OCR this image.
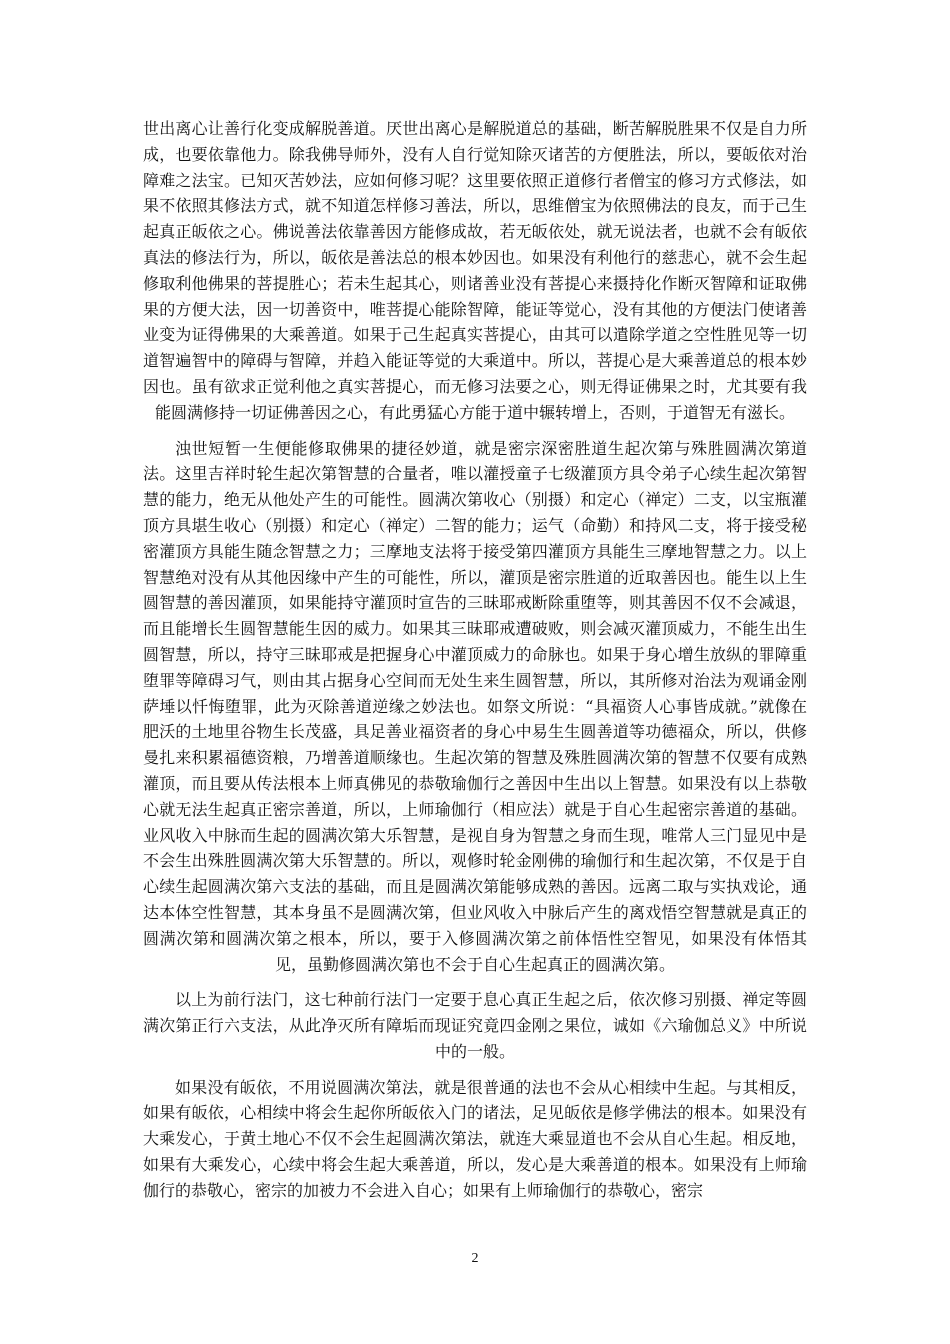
世出离心让善行化变成解脱善道。厌世出离心是解脱道总的基础，断苦解脱胜果不仅是自力所成，也要依靠他力。除我佛导师外，没有人自行觉知除灭诸苦的方便胜法，所以，要皈依对治障难之法宝。已知灭苦妙法，应如何修习呢？这里要依照正道修行者僧宝的修习方式修法，如果不依照其修法方式，就不知道怎样修习善法，所以，思维僧宝为依照佛法的良友，而于己生起真正皈依之心。佛说善法依靠善因方能修成故，若无皈依处，就无说法者，也就不会有皈依真法的修法行为，所以，皈依是善法总的根本妙因也。如果没有利他行的慈悲心，就不会生起修取利他佛果的菩提胜心；若未生起其心，则诸善业没有菩提心来摄持化作断灭智障和证取佛果的方便大法，因一切善资中，唯菩提心能除智障，能证等觉心，没有其他的方便法门使诸善业变为证得佛果的大乘善道。如果于己生起真实菩提心，由其可以遣除学道之空性胜见等一切道智遍智中的障碍与智障，并趋入能证等觉的大乘道中。所以，菩提心是大乘善道总的根本妙因也。虽有欲求正觉利他之真实菩提心，而无修习法要之心，则无得证佛果之时，尤其要有我能圆满修持一切证佛善因之心，有此勇猛心方能于道中辗转增上，否则，于道智无有滋长。

浊世短暂一生便能修取佛果的捷径妙道，就是密宗深密胜道生起次第与殊胜圆满次第道法。这里吉祥时轮生起次第智慧的合量者，唯以灌授童子七级灌顶方具令弟子心续生起次第智慧的能力，绝无从他处产生的可能性。圆满次第收心（别摄）和定心（禅定）二支，以宝瓶灌顶方具堪生收心（别摄）和定心（禅定）二智的能力；运气（命勤）和持风二支，将于接受秘密灌顶方具能生随念智慧之力；三摩地支法将于接受第四灌顶方具能生三摩地智慧之力。以上智慧绝对没有从其他因缘中产生的可能性，所以，灌顶是密宗胜道的近取善因也。能生以上生圆智慧的善因灌顶，如果能持守灌顶时宣告的三昧耶戒断除重堕等，则其善因不仅不会减退，而且能增长生圆智慧能生因的威力。如果其三昧耶戒遭破败，则会减灭灌顶威力，不能生出生圆智慧，所以，持守三昧耶戒是把握身心中灌顶威力的命脉也。如果于身心增生放纵的罪障重堕罪等障碍习气，则由其占据身心空间而无处生来生圆智慧，所以，其所修对治法为观诵金刚萨埵以忏悔堕罪，此为灭除善道逆缘之妙法也。如祭文所说：“具福资人心事皆成就。”就像在肥沃的土地里谷物生长茂盛，具足善业福资者的身心中易生生圆善道等功德福众，所以，供修曼扎来积累福德资粮，乃增善道顺缘也。生起次第的智慧及殊胜圆满次第的智慧不仅要有成熟灌顶，而且要从传法根本上师真佛见的恭敬瑜伽行之善因中生出以上智慧。如果没有以上恭敬心就无法生起真正密宗善道，所以，上师瑜伽行（相应法）就是于自心生起密宗善道的基础。业风收入中脉而生起的圆满次第大乐智慧，是视自身为智慧之身而生现，唯常人三门显见中是不会生出殊胜圆满次第大乐智慧的。所以，观修时轮金刚佛的瑜伽行和生起次第，不仅是于自心续生起圆满次第六支法的基础，而且是圆满次第能够成熟的善因。远离二取与实执戏论，通达本体空性智慧，其本身虽不是圆满次第，但业风收入中脉后产生的离戏悟空智慧就是真正的圆满次第和圆满次第之根本，所以，要于入修圆满次第之前体悟性空智见，如果没有体悟其见，虽勤修圆满次第也不会于自心生起真正的圆满次第。

以上为前行法门，这七种前行法门一定要于息心真正生起之后，依次修习别摄、禅定等圆满次第正行六支法，从此净灭所有障垢而现证究竟四金刚之果位，诚如《六瑜伽总义》中所说中的一般。

如果没有皈依，不用说圆满次第法，就是很普通的法也不会从心相续中生起。与其相反，如果有皈依，心相续中将会生起你所皈依入门的诸法，足见皈依是修学佛法的根本。如果没有大乘发心，于黄土地心不仅不会生起圆满次第法，就连大乘显道也不会从自心生起。相反地，如果有大乘发心，心续中将会生起大乘善道，所以，发心是大乘善道的根本。如果没有上师瑜伽行的恭敬心，密宗的加被力不会进入自心；如果有上师瑜伽行的恭敬心，密宗

2
